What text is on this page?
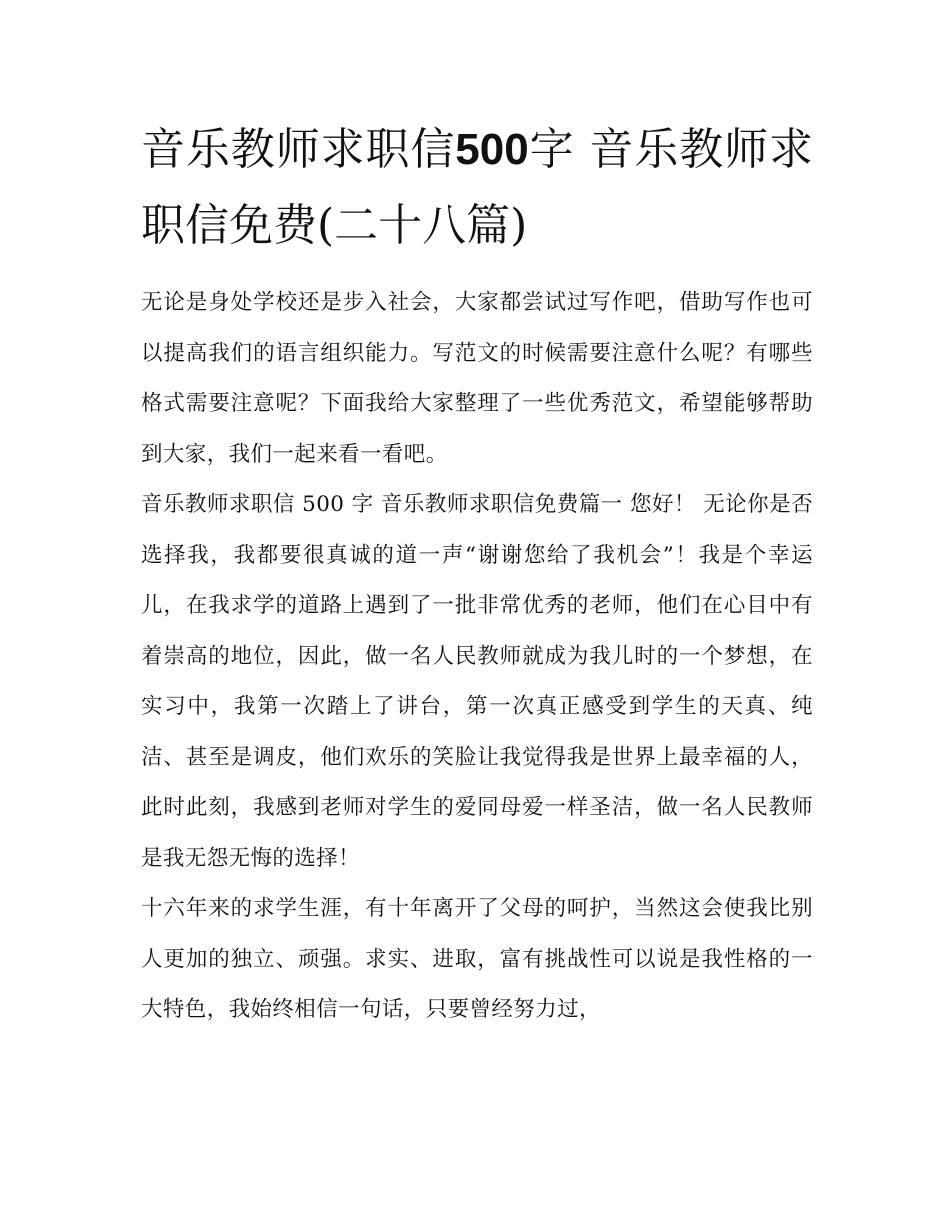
音乐教师求职信500字 音乐教师求职信免费(二十八篇)

无论是身处学校还是步入社会，大家都尝试过写作吧，借助写作也可以提高我们的语言组织能力。写范文的时候需要注意什么呢？有哪些格式需要注意呢？下面我给大家整理了一些优秀范文，希望能够帮助到大家，我们一起来看一看吧。

音乐教师求职信 500 字 音乐教师求职信免费篇一 您好！ 无论你是否选择我，我都要很真诚的道一声“谢谢您给了我机会”！我是个幸运儿，在我求学的道路上遇到了一批非常优秀的老师，他们在心目中有着崇高的地位，因此，做一名人民教师就成为我儿时的一个梦想，在实习中，我第一次踏上了讲台，第一次真正感受到学生的天真、纯洁、甚至是调皮，他们欢乐的笑脸让我觉得我是世界上最幸福的人，此时此刻，我感到老师对学生的爱同母爱一样圣洁，做一名人民教师是我无怨无悔的选择！

十六年来的求学生涯，有十年离开了父母的呵护，当然这会使我比别人更加的独立、顽强。求实、进取，富有挑战性可以说是我性格的一大特色，我始终相信一句话，只要曾经努力过，
